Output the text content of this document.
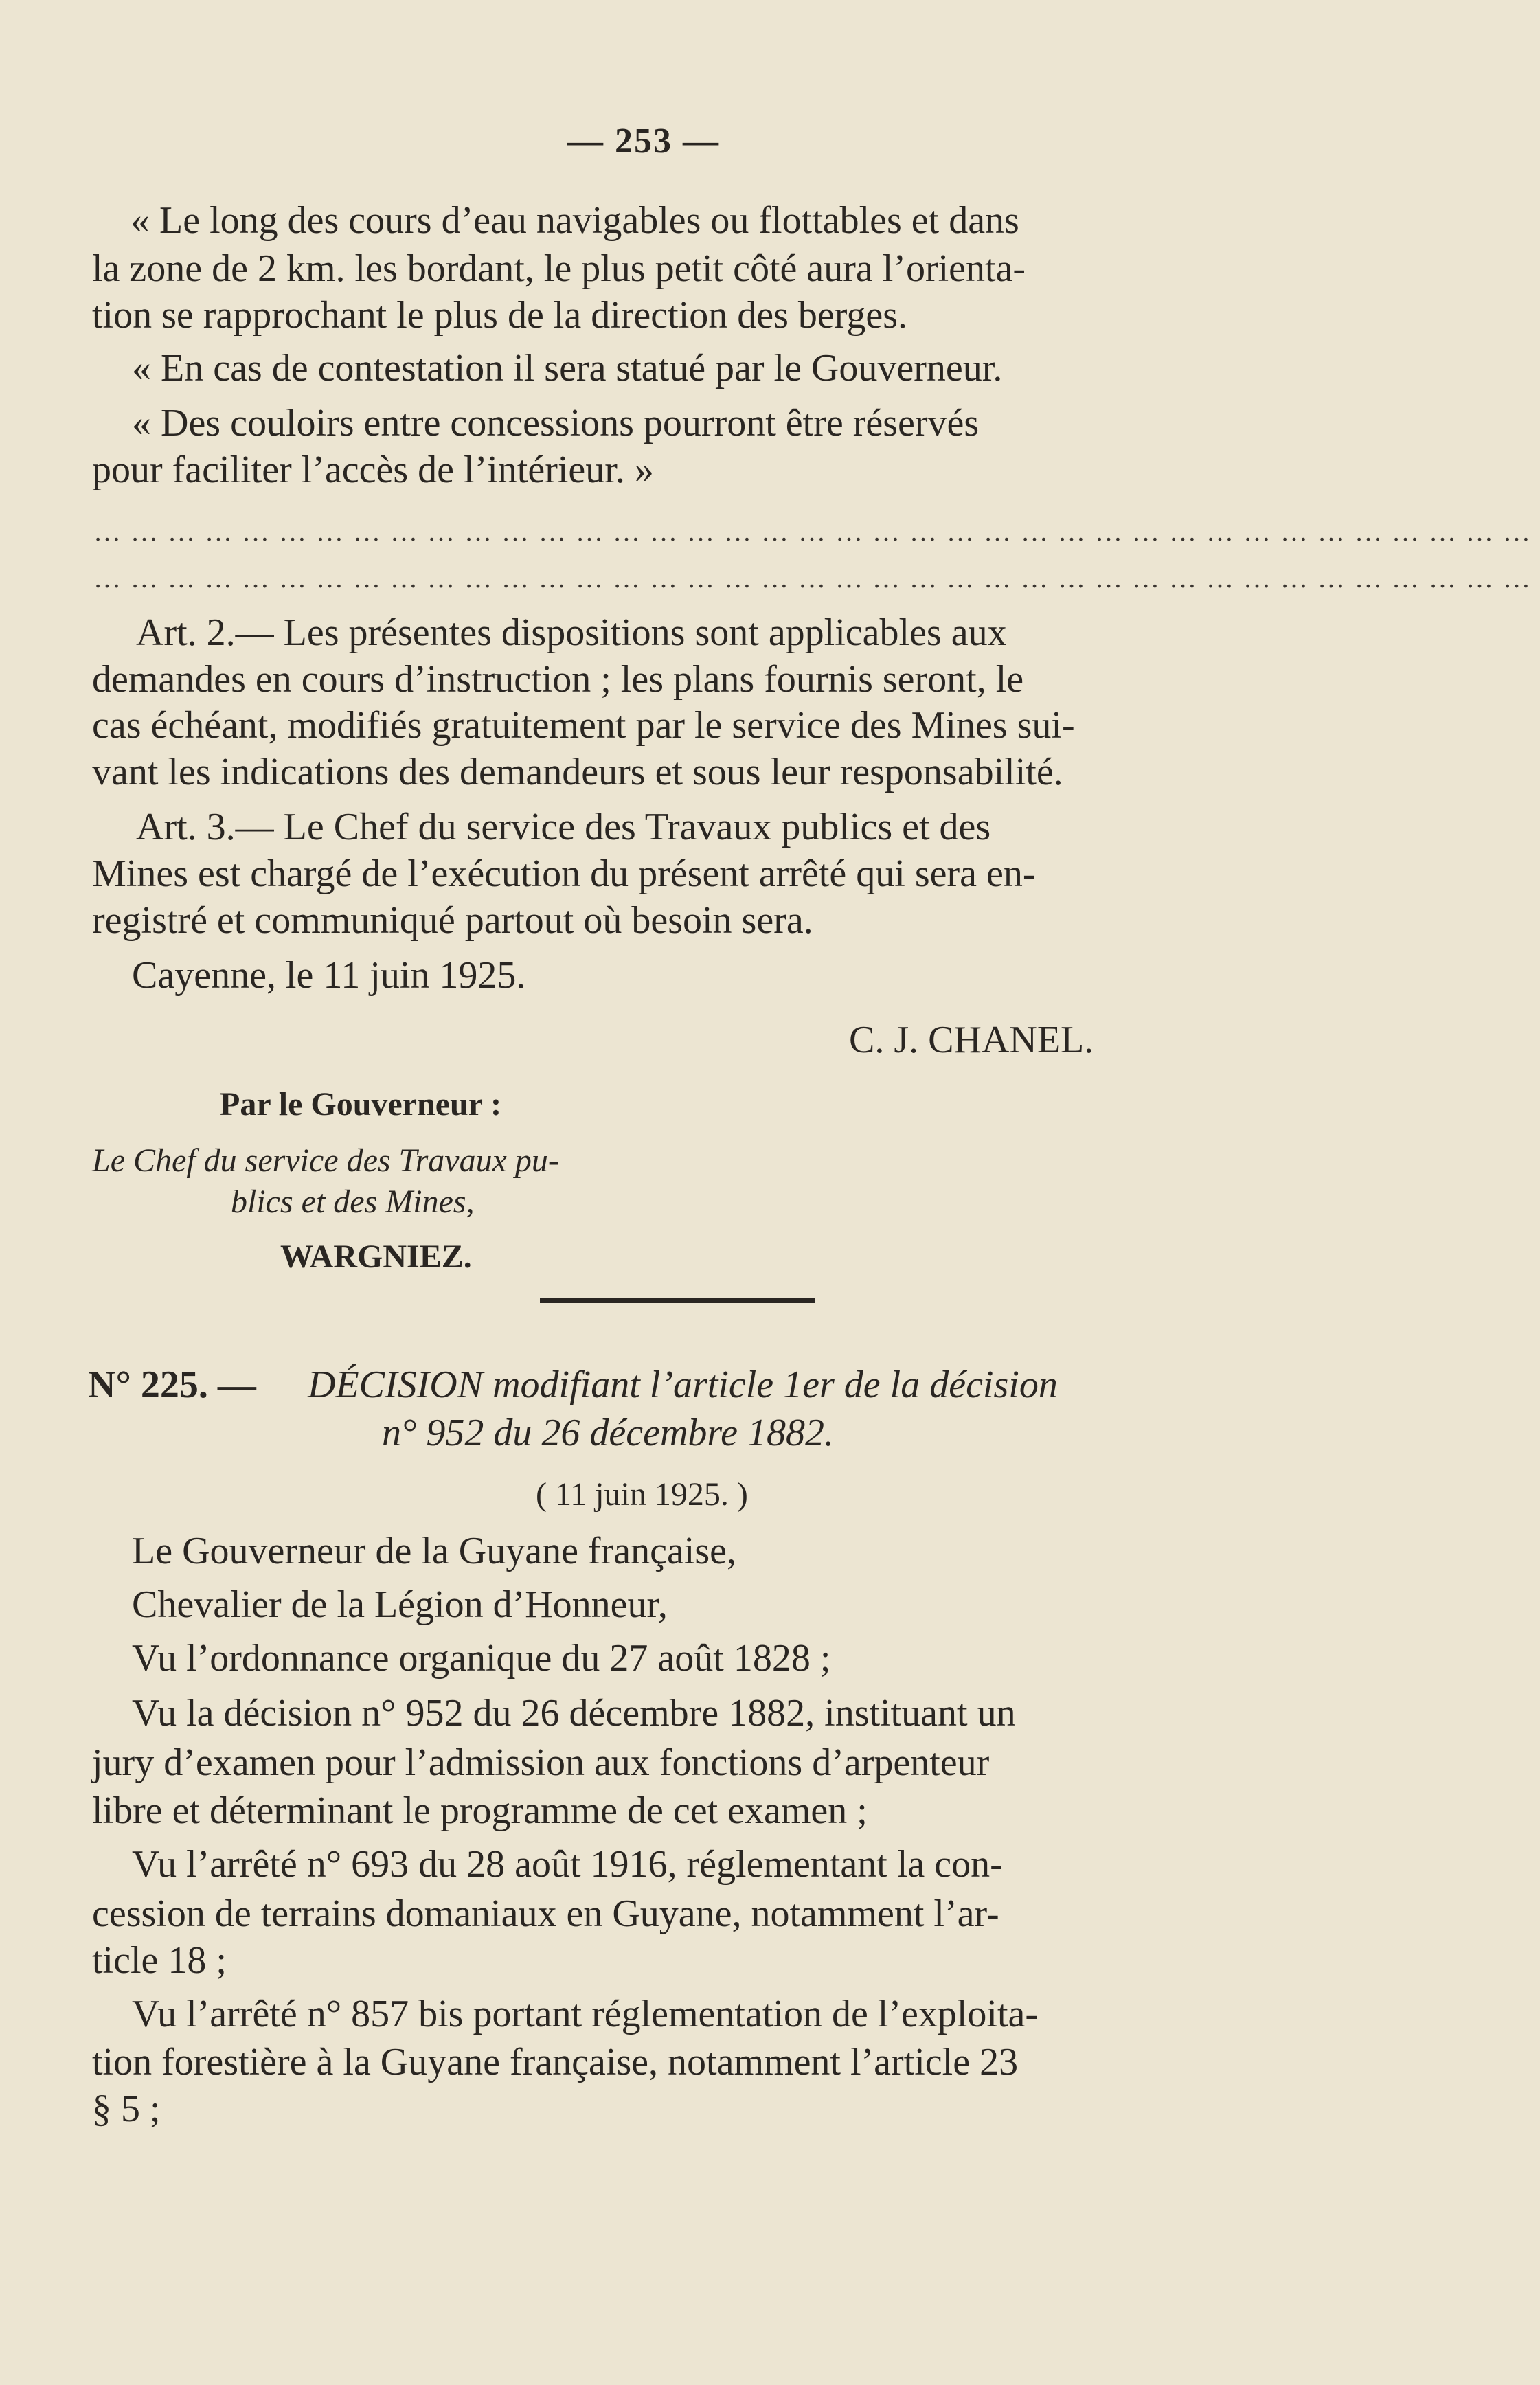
— 253 —
« Le long des cours d’eau navigables ou flottables et dans
la zone de 2 km. les bordant, le plus petit côté aura l’orienta-
tion se rapprochant le plus de la direction des berges.
« En cas de contestation il sera statué par le Gouverneur.
« Des couloirs entre concessions pourront être réservés
pour faciliter l’accès de l’intérieur. »
………………………………………………………………………………………………………
………………………………………………………………………………………………………
Art. 2.— Les présentes dispositions sont applicables aux
demandes en cours d’instruction ; les plans fournis seront, le
cas échéant, modifiés gratuitement par le service des Mines sui-
vant les indications des demandeurs et sous leur responsabilité.
Art. 3.— Le Chef du service des Travaux publics et des
Mines est chargé de l’exécution du présent arrêté qui sera en-
registré et communiqué partout où besoin sera.
Cayenne, le 11 juin 1925.
C. J. CHANEL.
Par le Gouverneur :
Le Chef du service des Travaux pu-
blics et des Mines,
WARGNIEZ.
N° 225. — DÉCISION modifiant l’article 1er de la décision
n° 952 du 26 décembre 1882.
( 11 juin 1925. )
Le Gouverneur de la Guyane française,
Chevalier de la Légion d’Honneur,
Vu l’ordonnance organique du 27 août 1828 ;
Vu la décision n° 952 du 26 décembre 1882, instituant un
jury d’examen pour l’admission aux fonctions d’arpenteur
libre et déterminant le programme de cet examen ;
Vu l’arrêté n° 693 du 28 août 1916, réglementant la con-
cession de terrains domaniaux en Guyane, notamment l’ar-
ticle 18 ;
Vu l’arrêté n° 857 bis portant réglementation de l’exploita-
tion forestière à la Guyane française, notamment l’article 23
§ 5 ;
